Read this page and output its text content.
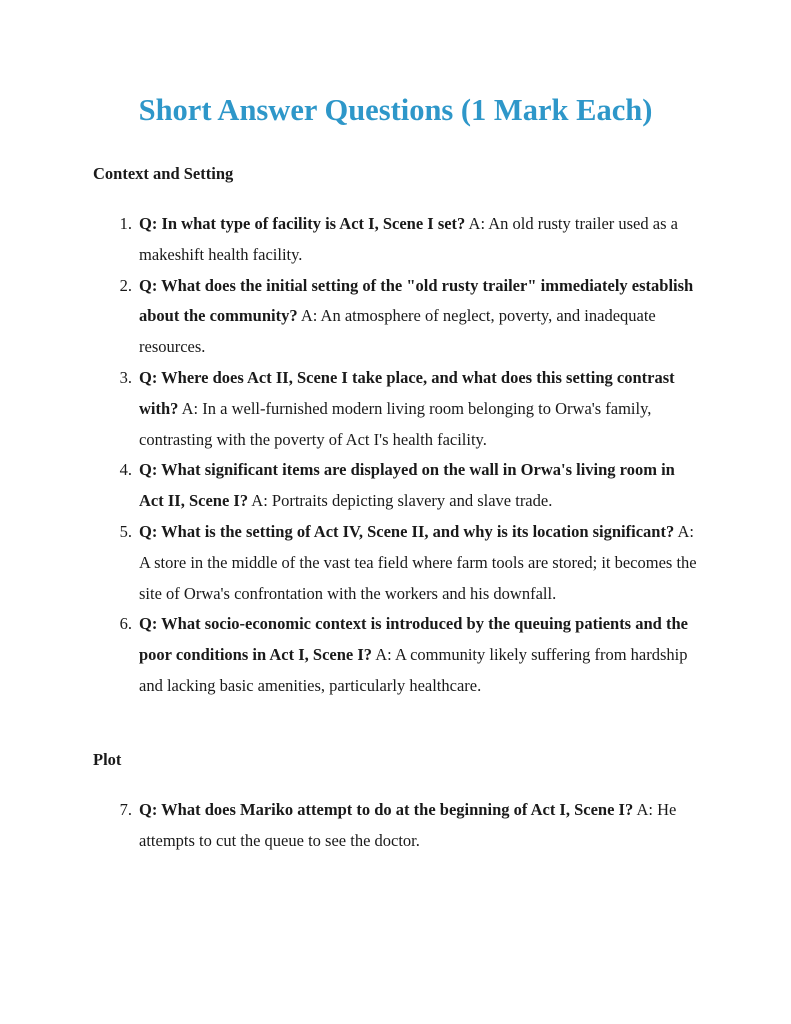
Short Answer Questions (1 Mark Each)
Context and Setting
1. Q: In what type of facility is Act I, Scene I set? A: An old rusty trailer used as a makeshift health facility.
2. Q: What does the initial setting of the "old rusty trailer" immediately establish about the community? A: An atmosphere of neglect, poverty, and inadequate resources.
3. Q: Where does Act II, Scene I take place, and what does this setting contrast with? A: In a well-furnished modern living room belonging to Orwa's family, contrasting with the poverty of Act I's health facility.
4. Q: What significant items are displayed on the wall in Orwa's living room in Act II, Scene I? A: Portraits depicting slavery and slave trade.
5. Q: What is the setting of Act IV, Scene II, and why is its location significant? A: A store in the middle of the vast tea field where farm tools are stored; it becomes the site of Orwa's confrontation with the workers and his downfall.
6. Q: What socio-economic context is introduced by the queuing patients and the poor conditions in Act I, Scene I? A: A community likely suffering from hardship and lacking basic amenities, particularly healthcare.
Plot
7. Q: What does Mariko attempt to do at the beginning of Act I, Scene I? A: He attempts to cut the queue to see the doctor.
